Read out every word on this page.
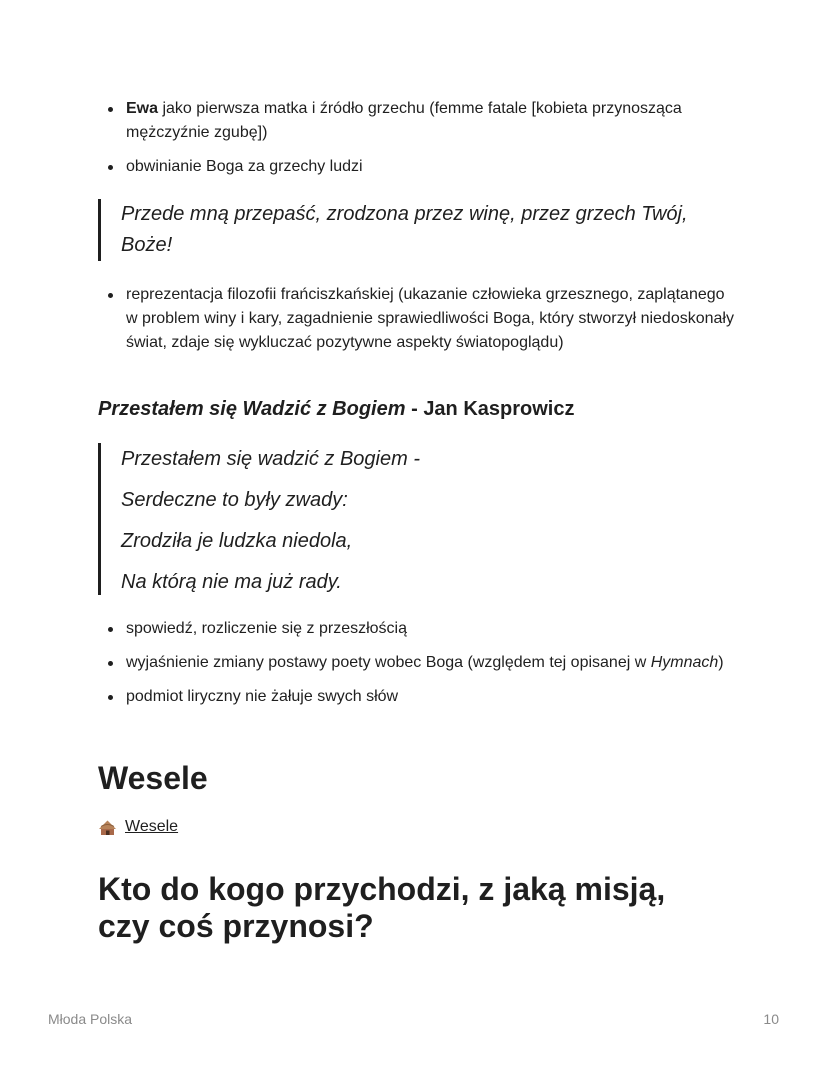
Ewa jako pierwsza matka i źródło grzechu (femme fatale [kobieta przynosząca mężczyźnie zgubę])
obwinianie Boga za grzechy ludzi
Przede mną przepaść, zrodzona przez winę, przez grzech Twój, Boże!
reprezentacja filozofii frańciszkańskiej (ukazanie człowieka grzesznego, zaplątanego w problem winy i kary, zagadnienie sprawiedliwości Boga, który stworzył niedoskonały świat, zdaje się wykluczać pozytywne aspekty światopoglądu)
Przestałem się Wadzić z Bogiem - Jan Kasprowicz
Przestałem się wadzić z Bogiem -
Serdeczne to były zwady:
Zrodziła je ludzka niedola,
Na którą nie ma już rady.
spowiedź, rozliczenie się z przeszłością
wyjaśnienie zmiany postawy poety wobec Boga (względem tej opisanej w Hymnach)
podmiot liryczny nie żałuje swych słów
Wesele
Wesele
Kto do kogo przychodzi, z jaką misją, czy coś przynosi?
Młoda Polska	10
